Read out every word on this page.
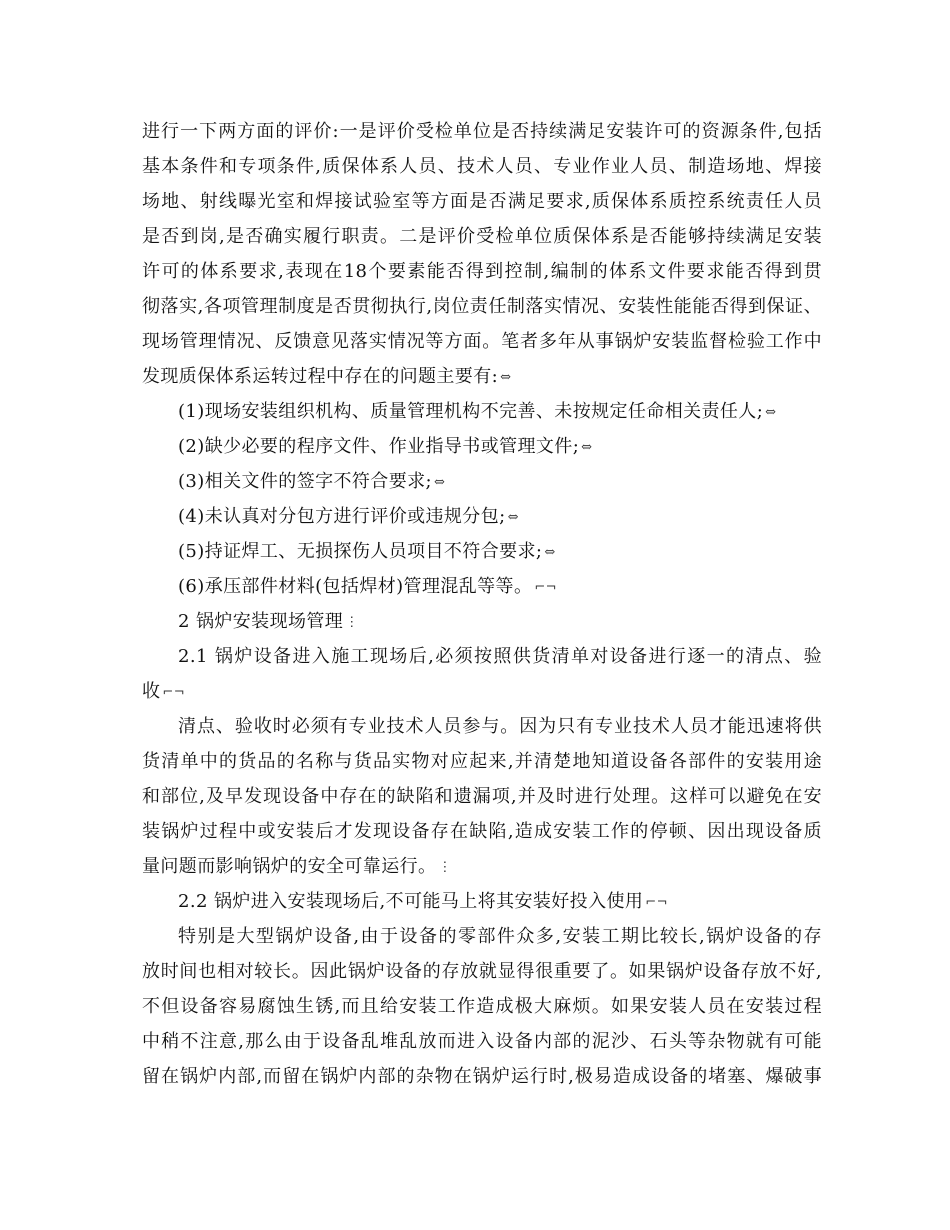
进行一下两方面的评价:一是评价受检单位是否持续满足安装许可的资源条件,包括
基本条件和专项条件,质保体系人员、技术人员、专业作业人员、制造场地、焊接
场地、射线曝光室和焊接试验室等方面是否满足要求,质保体系质控系统责任人员
是否到岗,是否确实履行职责。二是评价受检单位质保体系是否能够持续满足安装
许可的体系要求,表现在18个要素能否得到控制,编制的体系文件要求能否得到贯
彻落实,各项管理制度是否贯彻执行,岗位责任制落实情况、安装性能能否得到保证、
现场管理情况、反馈意见落实情况等方面。笔者多年从事锅炉安装监督检验工作中
发现质保体系运转过程中存在的问题主要有: ⇔
(1)现场安装组织机构、质量管理机构不完善、未按规定任命相关责任人; ⇔
(2)缺少必要的程序文件、作业指导书或管理文件; ⇔
(3)相关文件的签字不符合要求; ⇔
(4)未认真对分包方进行评价或违规分包; ⇔
(5)持证焊工、无损探伤人员项目不符合要求; ⇔
(6)承压部件材料(包括焊材)管理混乱等等。 ⌐¬
2 锅炉安装现场管理 ⋮
2.1 锅炉设备进入施工现场后,必须按照供货清单对设备进行逐一的清点、验
收 ⌐¬
清点、验收时必须有专业技术人员参与。因为只有专业技术人员才能迅速将供
货清单中的货品的名称与货品实物对应起来,并清楚地知道设备各部件的安装用途
和部位,及早发现设备中存在的缺陷和遗漏项,并及时进行处理。这样可以避免在安
装锅炉过程中或安装后才发现设备存在缺陷,造成安装工作的停顿、因出现设备质
量问题而影响锅炉的安全可靠运行。 ⋮
2.2 锅炉进入安装现场后,不可能马上将其安装好投入使用 ⌐¬
特别是大型锅炉设备,由于设备的零部件众多,安装工期比较长,锅炉设备的存
放时间也相对较长。因此锅炉设备的存放就显得很重要了。如果锅炉设备存放不好,
不但设备容易腐蚀生锈,而且给安装工作造成极大麻烦。如果安装人员在安装过程
中稍不注意,那么由于设备乱堆乱放而进入设备内部的泥沙、石头等杂物就有可能
留在锅炉内部,而留在锅炉内部的杂物在锅炉运行时,极易造成设备的堵塞、爆破事
